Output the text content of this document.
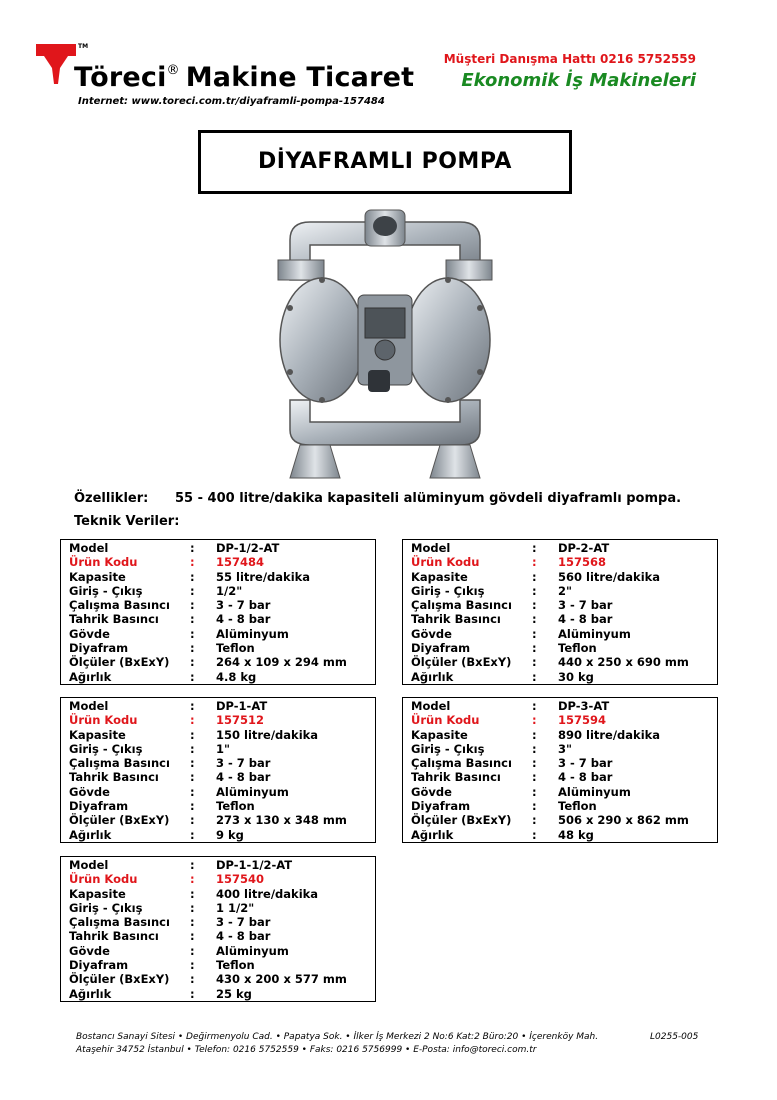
TM
Töreci® Makine Ticaret
Internet: www.toreci.com.tr/diyaframli-pompa-157484
Müşteri Danışma Hattı 0216 5752559
Ekonomik İş Makineleri
DİYAFRAMLI POMPA
Özellikler: 55 - 400 litre/dakika kapasiteli alüminyum gövdeli diyaframlı pompa.
Teknik Veriler:
Model	:	DP-1/2-AT
Ürün Kodu	:	157484
Kapasite	:	55 litre/dakika
Giriş - Çıkış	:	1/2"
Çalışma Basıncı	:	3 - 7 bar
Tahrik Basıncı	:	4 - 8 bar
Gövde	:	Alüminyum
Diyafram	:	Teflon
Ölçüler (BxExY)	:	264 x 109 x 294 mm
Ağırlık	:	4.8 kg
Model	:	DP-2-AT
Ürün Kodu	:	157568
Kapasite	:	560 litre/dakika
Giriş - Çıkış	:	2"
Çalışma Basıncı	:	3 - 7 bar
Tahrik Basıncı	:	4 - 8 bar
Gövde	:	Alüminyum
Diyafram	:	Teflon
Ölçüler (BxExY)	:	440 x 250 x 690 mm
Ağırlık	:	30 kg
Model	:	DP-1-AT
Ürün Kodu	:	157512
Kapasite	:	150 litre/dakika
Giriş - Çıkış	:	1"
Çalışma Basıncı	:	3 - 7 bar
Tahrik Basıncı	:	4 - 8 bar
Gövde	:	Alüminyum
Diyafram	:	Teflon
Ölçüler (BxExY)	:	273 x 130 x 348 mm
Ağırlık	:	9 kg
Model	:	DP-3-AT
Ürün Kodu	:	157594
Kapasite	:	890 litre/dakika
Giriş - Çıkış	:	3"
Çalışma Basıncı	:	3 - 7 bar
Tahrik Basıncı	:	4 - 8 bar
Gövde	:	Alüminyum
Diyafram	:	Teflon
Ölçüler (BxExY)	:	506 x 290 x 862 mm
Ağırlık	:	48 kg
Model	:	DP-1-1/2-AT
Ürün Kodu	:	157540
Kapasite	:	400 litre/dakika
Giriş - Çıkış	:	1 1/2"
Çalışma Basıncı	:	3 - 7 bar
Tahrik Basıncı	:	4 - 8 bar
Gövde	:	Alüminyum
Diyafram	:	Teflon
Ölçüler (BxExY)	:	430 x 200 x 577 mm
Ağırlık	:	25 kg
Bostancı Sanayi Sitesi • Değirmenyolu Cad. • Papatya Sok. • İlker İş Merkezi 2 No:6 Kat:2 Büro:20 • İçerenköy Mah.
Ataşehir 34752 İstanbul • Telefon: 0216 5752559 • Faks: 0216 5756999 • E-Posta: info@toreci.com.tr
L0255-005
